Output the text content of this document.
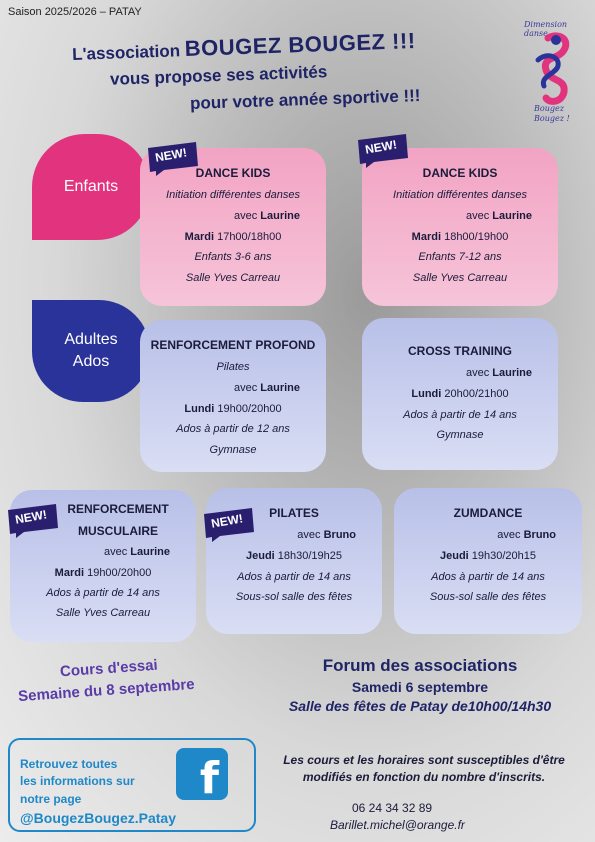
Saison 2025/2026 – PATAY
L'association BOUGEZ BOUGEZ !!!
vous propose ses activités
pour votre année sportive !!!
Dimension danse
Bougez Bougez !
Enfants
Adultes
Ados
DANCE KIDS
Initiation différentes danses
avec Laurine
Mardi 17h00/18h00
Enfants 3-6 ans
Salle Yves Carreau
DANCE KIDS
Initiation différentes danses
avec Laurine
Mardi 18h00/19h00
Enfants 7-12 ans
Salle Yves Carreau
RENFORCEMENT PROFOND
Pilates
avec Laurine
Lundi 19h00/20h00
Ados à partir de 12 ans
Gymnase
CROSS TRAINING
avec Laurine
Lundi 20h00/21h00
Ados à partir de 14 ans
Gymnase
RENFORCEMENT
MUSCULAIRE
avec Laurine
Mardi 19h00/20h00
Ados à partir de 14 ans
Salle Yves Carreau
PILATES
avec Bruno
Jeudi 18h30/19h25
Ados à partir de 14 ans
Sous-sol salle des fêtes
ZUMDANCE
avec Bruno
Jeudi 19h30/20h15
Ados à partir de 14 ans
Sous-sol salle des fêtes
NEW!	NEW!
NEW!	NEW!
Cours d'essai
Semaine du 8 septembre
Forum des associations
Samedi 6 septembre
Salle des fêtes de Patay de10h00/14h30
Retrouvez toutes
les informations sur
notre page
@BougezBougez.Patay
f	Les cours et les horaires sont susceptibles d'être
modifiés en fonction du nombre d'inscrits.
06 24 34 32 89
Barillet.michel@orange.fr
